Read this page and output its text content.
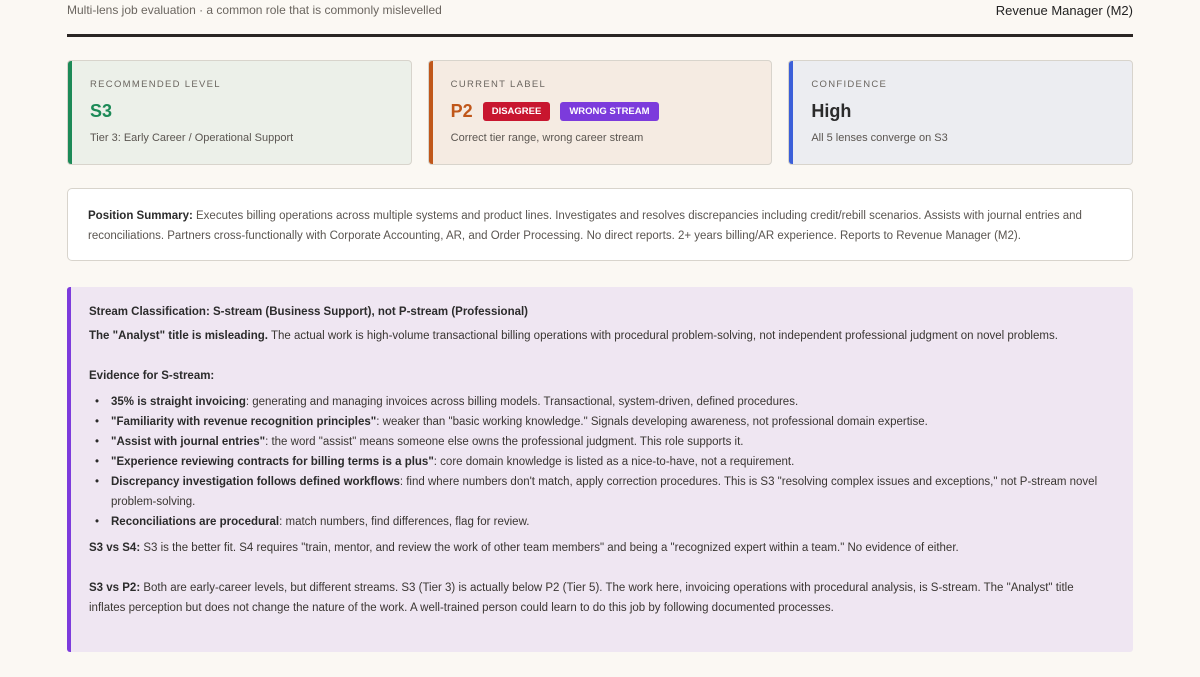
Multi-lens job evaluation · a common role that is commonly mislevelled	Revenue Manager (M2)
RECOMMENDED LEVEL
S3
Tier 3: Early Career / Operational Support
CURRENT LABEL
P2	DISAGREE	WRONG STREAM
Correct tier range, wrong career stream
CONFIDENCE
High
All 5 lenses converge on S3
Position Summary: Executes billing operations across multiple systems and product lines. Investigates and resolves discrepancies including credit/rebill scenarios. Assists with journal entries and reconciliations. Partners cross-functionally with Corporate Accounting, AR, and Order Processing. No direct reports. 2+ years billing/AR experience. Reports to Revenue Manager (M2).
Stream Classification: S-stream (Business Support), not P-stream (Professional)

The "Analyst" title is misleading. The actual work is high-volume transactional billing operations with procedural problem-solving, not independent professional judgment on novel problems.

Evidence for S-stream:
• 35% is straight invoicing: generating and managing invoices across billing models. Transactional, system-driven, defined procedures.
• "Familiarity with revenue recognition principles": weaker than "basic working knowledge." Signals developing awareness, not professional domain expertise.
• "Assist with journal entries": the word "assist" means someone else owns the professional judgment. This role supports it.
• "Experience reviewing contracts for billing terms is a plus": core domain knowledge is listed as a nice-to-have, not a requirement.
• Discrepancy investigation follows defined workflows: find where numbers don't match, apply correction procedures. This is S3 "resolving complex issues and exceptions," not P-stream novel problem-solving.
• Reconciliations are procedural: match numbers, find differences, flag for review.

S3 vs S4: S3 is the better fit. S4 requires "train, mentor, and review the work of other team members" and being a "recognized expert within a team." No evidence of either.

S3 vs P2: Both are early-career levels, but different streams. S3 (Tier 3) is actually below P2 (Tier 5). The work here, invoicing operations with procedural analysis, is S-stream. The "Analyst" title inflates perception but does not change the nature of the work. A well-trained person could learn to do this job by following documented processes.
